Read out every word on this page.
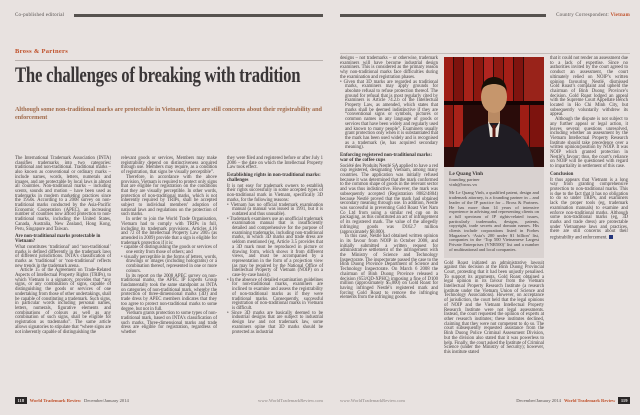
Co-published editorial
Bross & Partners
The challenges of breaking with tradition

Although some non-traditional marks are protectable in Vietnam, there are still concerns about their registrability and enforcement

The International Trademark Association (INTA) classifies trademarks into two categories: traditional and non-traditional. Traditional marks – also known as conventional or ordinary marks – include names, words, letters, numerals and images, and are protectable by local laws in almost all countries. Non-traditional marks – including scents, sounds and motion – have been used as trademarks in modern marketing practices since the 1950s. According to a 2008 survey on non-traditional marks conducted by the Asia-Pacific Economic Cooperation (APEC), an increasing number of countries now afford protection to non-traditional marks, including the United States, Canada, Australia, New Zealand, Hong Kong, Peru, Singapore and Taiwan.

Are non-traditional marks protectable in Vietnam?

What constitutes ‘traditional’ and ‘non-traditional’ marks is defined differently in the trademark laws of different jurisdictions. INTA’s classification of marks as ‘traditional’ or ‘non-traditional’ reflects new trends in the trademark arena.

Article 15 of the Agreement on Trade-Related Aspects of Intellectual Property Rights (TRIPs), to which Vietnam is a signatory, provides that “any signs, or any combination of signs, capable of distinguishing the goods or services of one undertaking from those of other undertakings, shall be capable of constituting a trademark. Such signs, in particular words including personal names, letters, numerals, figurative elements and combinations of colours as well as any combination of such signs, shall be eligible for registration as trademarks”. The same article allows signatories to stipulate that “where signs are not inherently capable of distinguishing the

relevant goods or services, Members may make registrability depend on distinctiveness acquired through use. Members may require, as a condition of registration, that signs be visually perceptible”.

Therefore, in accordance with the above provision, Vietnam is required to protect only signs that are eligible for registration on the conditions that they are visually perceptible. In other words, protection of non-traditional marks, which is not inherently required by TRIPs, shall be accepted subject to individual members’ adoption of national laws and regulations on the protection of such marks.

In order to join the World Trade Organisation, Vietnam had to comply with TRIPs in full, including its trademark provisions. Articles 4.16 and 72 of the Intellectual Property Law 2005 (as amended in 2009) provide that a sign is eligible for trademark protection if it is:

• capable of distinguishing the goods or services of one entity from those of others; and
• visually perceptible in the forms of letters, words, drawings or images (including holograms) or a combination thereof, represented in one or more colours.

In its report on the 2008 APEC survey on non-traditional marks, the APEC IP Experts Group fundamentally took the same standpoint as INTA on categories of non-traditional mark, whereby the protection of three-dimensional marks (3D) and trade dress by APEC members indicates that they too agree to protect non-traditional marks to some degree, but not in full.

Vietnam grants protection to some types of non-traditional mark, based on INTA’s classification of such marks. Three-dimensional marks and trade dress are eligible for registration, regardless of whether

they were filed and registered before or after July 1 2006 – the date on which the Intellectual Property Law took effect.

Establishing rights in non-traditional marks: challenges

It is not easy for trademark owners to establish their rights successfully in some accepted types of non-traditional mark in Vietnam, specifically 3D marks, for the following reasons:

• Vietnam has no official trademark examination manual (a manual was issued in 1991, but it is outdated and thus unusable).
• Trademark examiners use an unofficial trademark examination manual that is insufficiently detailed and comprehensive for the purpose of examining trademarks, including non-traditional marks, in which 3D marks and trade dress are seldom mentioned (eg, Article 3.5 provides that a 3D mark must be reproduced in picture or drawing form, which shows it from different views, and must be accompanied by a representation in the form of a projection view (as may be required by the National Office of Intellectual Property of Vietnam (NOIP) on a case-by-case basis)).
• In the absence of detailed examination guidelines for non-traditional marks, examiners are inclined to examine and assess the registrability of non-traditional marks as if they were traditional marks. Consequently, successful registration of non-traditional marks in Vietnam is difficult.
• Since 3D marks are basically deemed to be industrial designs that are subject to industrial design law and not trademark law, some examiners opine that 3D marks should be protected as industrial
118	World Trademark Review December/January 2014	www.WorldTrademarkReview.com
Country Correspondent: Vietnam

designs – not trademarks – or otherwise, trademark examiners will have become industrial design examiners. This is considered as the primary reason why non-traditional marks face difficulties during the examination and registration phases.

• Given that 3D marks are regarded as traditional marks, examiners may apply grounds for absolute refusal to refuse protection thereof. The ground for refusal that is most regularly cited by examiners is Article 74.2.b of the Intellectual Property Law, as amended, which states that marks shall be deemed indistinctive if they are “conventional signs or symbols, pictures or common names in any language of goods or services that have been widely and regularly used and known to many people”. Examiners usually grant protection only when it is substantiated that the mark has been used widely and is recognised as a trademark (ie, has acquired secondary meaning).
Enforcing registered non-traditional marks: war of the coffee cups

Société des Produits Nestlé SA applied to have a red cup registered, designating Vietnam, among many countries. The application was initially refused because it was determined that the mark conformed to the common shape of goods in the relevant sector and was thus indistinctive. However, the mark was subsequently accepted (Registration 8082/4804) because Nestlé proved that the mark had obtained secondary meaning through use. In addition, Nestlé was successful in preventing Gold Roast Viet Nam Co Ltd from using a similar red cup on its packaging, as this constituted an act of infringement of its registered mark. The value of the allegedly infringing goods was D162.7 million (approximately $8,000).

In this case, Nestlé had obtained written opinion in its favour from NOIP in October 2008, and initially submitted a written request for administrative settlement of the infringement with the Ministry of Science and Technology Inspectorate. The inspectorate passed the case to the Binh Duong Province Department of Science and Technology Inspectorate. On March 6 2008 the chairman of Binh Duong Province released a decision (653/QD-XPHC) imposing a fine of D100 million (approximately $5,000) on Gold Roast for having infringed Nestlé’s registered mark and forcing Gold Roast to remove the infringing elements from the infringing goods.

Le Quang Vinh
founding partner
vinh@bross.vn

Mr Le Quang Vinh, a qualified patent, design and trademark attorney, is a founding partner in – and leader of the IP practice for – Bross & Partners. He has more than 14 years of intensive experience in advising and representing clients on a full spectrum of IP rights-related issues, particularly trademarks, designs, patents, copyright, trade secrets and domain names. His clients include corporations listed in Forbes Magazine’s ‘Asia’s 200 under $1 billion’ list, companies in the ‘Top 500 Vietnamese Largest Private Enterprises (VNR500)’ list and a number of multinational and local companies.

Gold Roast initiated an administrative lawsuit against this decision at the Binh Duong Provincial Court, protesting that it had been unjustly penalised. To support its arguments, Gold Roast obtained a legal opinion in its favour from the Vietnam Intellectual Property Research Institute (a research institute under the Vietnam Union of Science and Technology Associations). However, on acceptance of jurisdiction, the court held that the legal opinions of NOIP and the Vietnam Intellectual Property Research Institute were not legal assessments. Instead, the court requested the opinion of experts at other research institutes; these institutes declined, claiming that they were not competent to do so. The court subsequently requested assistance from the Binh Duong Police Criminal Assessment Division, but the division also stated that it was powerless to help. Finally, the court asked the Institute of Criminal Science (under the Ministry of Security); however, this institute stated

that it could not render an assessment due to a lack of expertise. Since no authorities invited by the court agreed to conduct an assessment, the court ultimately relied on NOIP’s written opinion favouring Nestlé, dismissed Gold Roast’s complaint and upheld the chairman of Binh Duong Province’s decision. Gold Roast lodged an appeal with the Supreme Court Appellate Bench located in Ho Chi Minh City, but subsequently voluntarily withdrew its appeal.

Although the dispute is not subject to any further appeal or legal action, it leaves several questions unresolved, including whether an assessment by the Vietnam Intellectual Property Research Institute should take precedence over a written opinion/position by NOIP. It was NOIP which granted protection in Nestlé’s favour; thus, the court’s reliance on NOIP will be questioned with regard to impartiality in settlement of this case.

Conclusion

It thus appears that Vietnam is a long way from granting comprehensive protection to non-traditional marks. This is due to the fact that it has no obligation to do so under TRIPs, and examiners lack the proper tools (eg, trademark examination manuals) to examine and enforce non-traditional marks. Although some non-traditional marks (eg, 3D marks and trade dress) are protectable under Vietnamese laws and practices, there are still concerns about their registrability and enforcement.

www.WorldTrademarkReview.com	December/January 2014 World Trademark Review	119
